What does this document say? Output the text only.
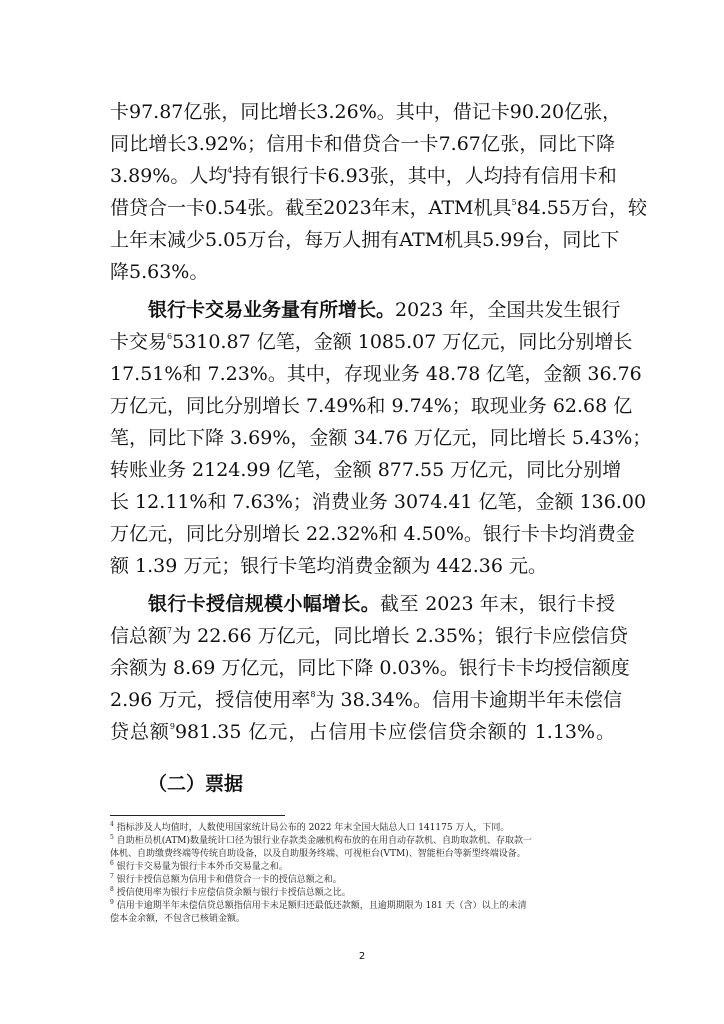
卡97.87亿张，同比增长3.26%。其中，借记卡90.20亿张，
同比增长3.92%；信用卡和借贷合一卡7.67亿张，同比下降
3.89%。人均$^4$持有银行卡6.93张，其中，人均持有信用卡和
借贷合一卡0.54张。截至2023年末，ATM机具$^5$84.55万台，较
上年末减少5.05万台，每万人拥有ATM机具5.99台，同比下
降5.63%。
银行卡交易业务量有所增长。2023 年，全国共发生银行
卡交易$^6$5310.87 亿笔，金额 1085.07 万亿元，同比分别增长
17.51%和 7.23%。其中，存现业务 48.78 亿笔，金额 36.76
万亿元，同比分别增长 7.49%和 9.74%；取现业务 62.68 亿
笔，同比下降 3.69%，金额 34.76 万亿元，同比增长 5.43%；
转账业务 2124.99 亿笔，金额 877.55 万亿元，同比分别增
长 12.11%和 7.63%；消费业务 3074.41 亿笔，金额 136.00
万亿元，同比分别增长 22.32%和 4.50%。银行卡卡均消费金
额 1.39 万元；银行卡笔均消费金额为 442.36 元。
银行卡授信规模小幅增长。截至 2023 年末，银行卡授
信总额$^7$为 22.66 万亿元，同比增长 2.35%；银行卡应偿信贷
余额为 8.69 万亿元，同比下降 0.03%。银行卡卡均授信额度
2.96 万元，授信使用率$^8$为 38.34%。信用卡逾期半年未偿信
贷总额$^9$981.35 亿元，占信用卡应偿信贷余额的 1.13%。
（二）票据
$^4$ 指标涉及人均值时，人数使用国家统计局公布的 2022 年末全国大陆总人口 141175 万人，下同。
$^5$ 自助柜员机(ATM)数量统计口径为银行业存款类金融机构布放的在用自动存款机、自助取款机、存取款一
体机、自助缴费终端等传统自助设备，以及自助服务终端、可视柜台(VTM)、智能柜台等新型终端设备。
$^6$ 银行卡交易量为银行卡本外币交易量之和。
$^7$ 银行卡授信总额为信用卡和借贷合一卡的授信总额之和。
$^8$ 授信使用率为银行卡应偿信贷余额与银行卡授信总额之比。
$^9$ 信用卡逾期半年未偿信贷总额指信用卡未足额归还最低还款额，且逾期期限为 181 天（含）以上的未清
偿本金余额，不包含已核销金额。
2
